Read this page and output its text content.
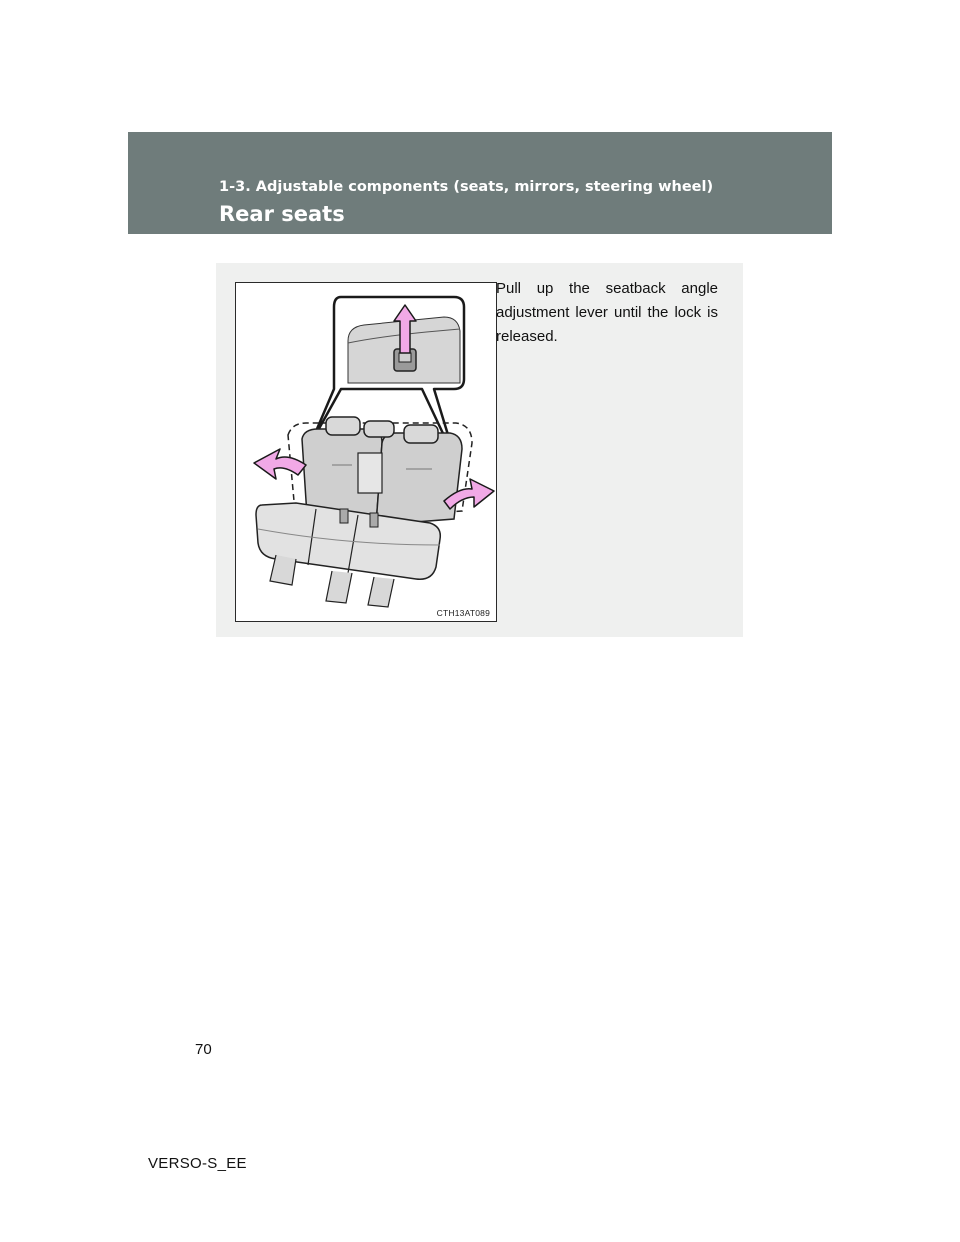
1-3. Adjustable components (seats, mirrors, steering wheel)
Rear seats
CTH13AT089
Pull up the seatback angle adjustment lever until the lock is released.
70
VERSO-S_EE
